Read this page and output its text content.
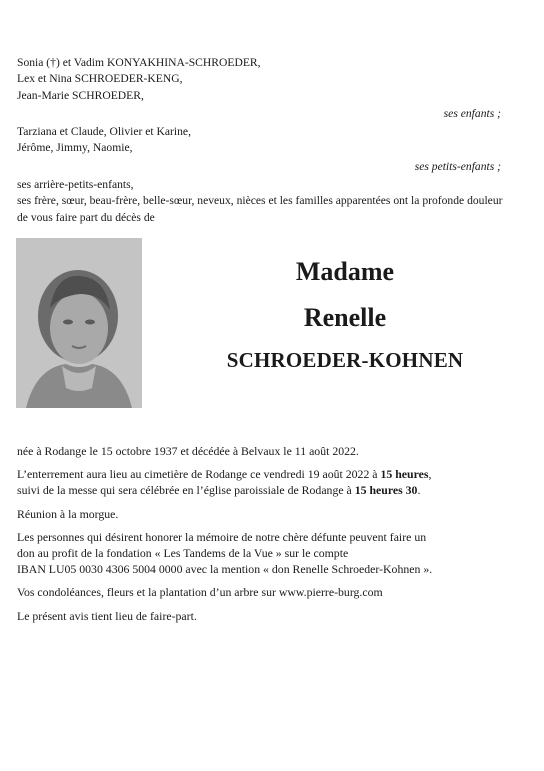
Sonia (†) et Vadim KONYAKHINA-SCHROEDER,
Lex et Nina SCHROEDER-KENG,
Jean-Marie SCHROEDER,
ses enfants ;
Tarziana et Claude, Olivier et Karine,
Jérôme, Jimmy, Naomie,
ses petits-enfants ;
ses arrière-petits-enfants,
ses frère, sœur, beau-frère, belle-sœur, neveux, nièces et les familles apparentées ont la profonde douleur de vous faire part du décès de
Madame
Renelle
SCHROEDER-KOHNEN

née à Rodange le 15 octobre 1937 et décédée à Belvaux le 11 août 2022.

L’enterrement aura lieu au cimetière de Rodange ce vendredi 19 août 2022 à 15 heures,
suivi de la messe qui sera célébrée en l’église paroissiale de Rodange à 15 heures 30.

Réunion à la morgue.

Les personnes qui désirent honorer la mémoire de notre chère défunte peuvent faire un
don au profit de la fondation « Les Tandems de la Vue » sur le compte
IBAN LU05 0030 4306 5004 0000 avec la mention « don Renelle Schroeder-Kohnen ».

Vos condoléances, fleurs et la plantation d’un arbre sur www.pierre-burg.com

Le présent avis tient lieu de faire-part.
